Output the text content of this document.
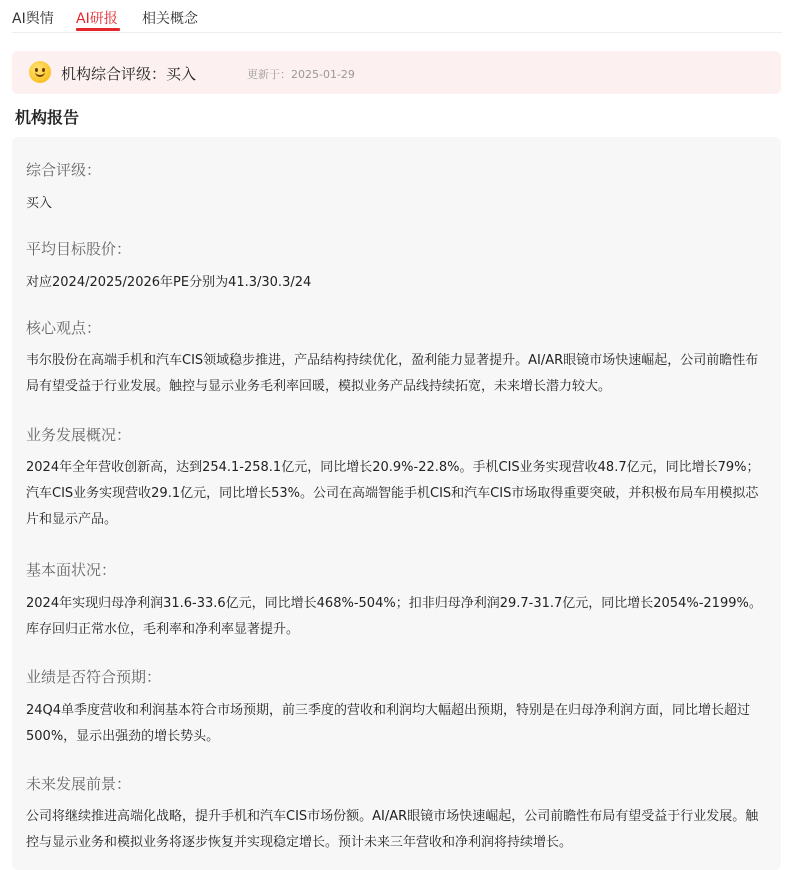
AI舆情 AI研报 相关概念
机构综合评级：买入	更新于：2025-01-29
机构报告
综合评级：
买入
平均目标股价：
对应2024/2025/2026年PE分别为41.3/30.3/24
核心观点：
韦尔股份在高端手机和汽车CIS领域稳步推进，产品结构持续优化，盈利能力显著提升。AI/AR眼镜市场快速崛起，公司前瞻性布局有望受益于行业发展。触控与显示业务毛利率回暖，模拟业务产品线持续拓宽，未来增长潜力较大。
业务发展概况：
2024年全年营收创新高，达到254.1-258.1亿元，同比增长20.9%-22.8%。手机CIS业务实现营收48.7亿元，同比增长79%；汽车CIS业务实现营收29.1亿元，同比增长53%。公司在高端智能手机CIS和汽车CIS市场取得重要突破，并积极布局车用模拟芯片和显示产品。
基本面状况：
2024年实现归母净利润31.6-33.6亿元，同比增长468%-504%；扣非归母净利润29.7-31.7亿元，同比增长2054%-2199%。库存回归正常水位，毛利率和净利率显著提升。
业绩是否符合预期：
24Q4单季度营收和利润基本符合市场预期，前三季度的营收和利润均大幅超出预期，特别是在归母净利润方面，同比增长超过500%，显示出强劲的增长势头。
未来发展前景：
公司将继续推进高端化战略，提升手机和汽车CIS市场份额。AI/AR眼镜市场快速崛起，公司前瞻性布局有望受益于行业发展。触控与显示业务和模拟业务将逐步恢复并实现稳定增长。预计未来三年营收和净利润将持续增长。
